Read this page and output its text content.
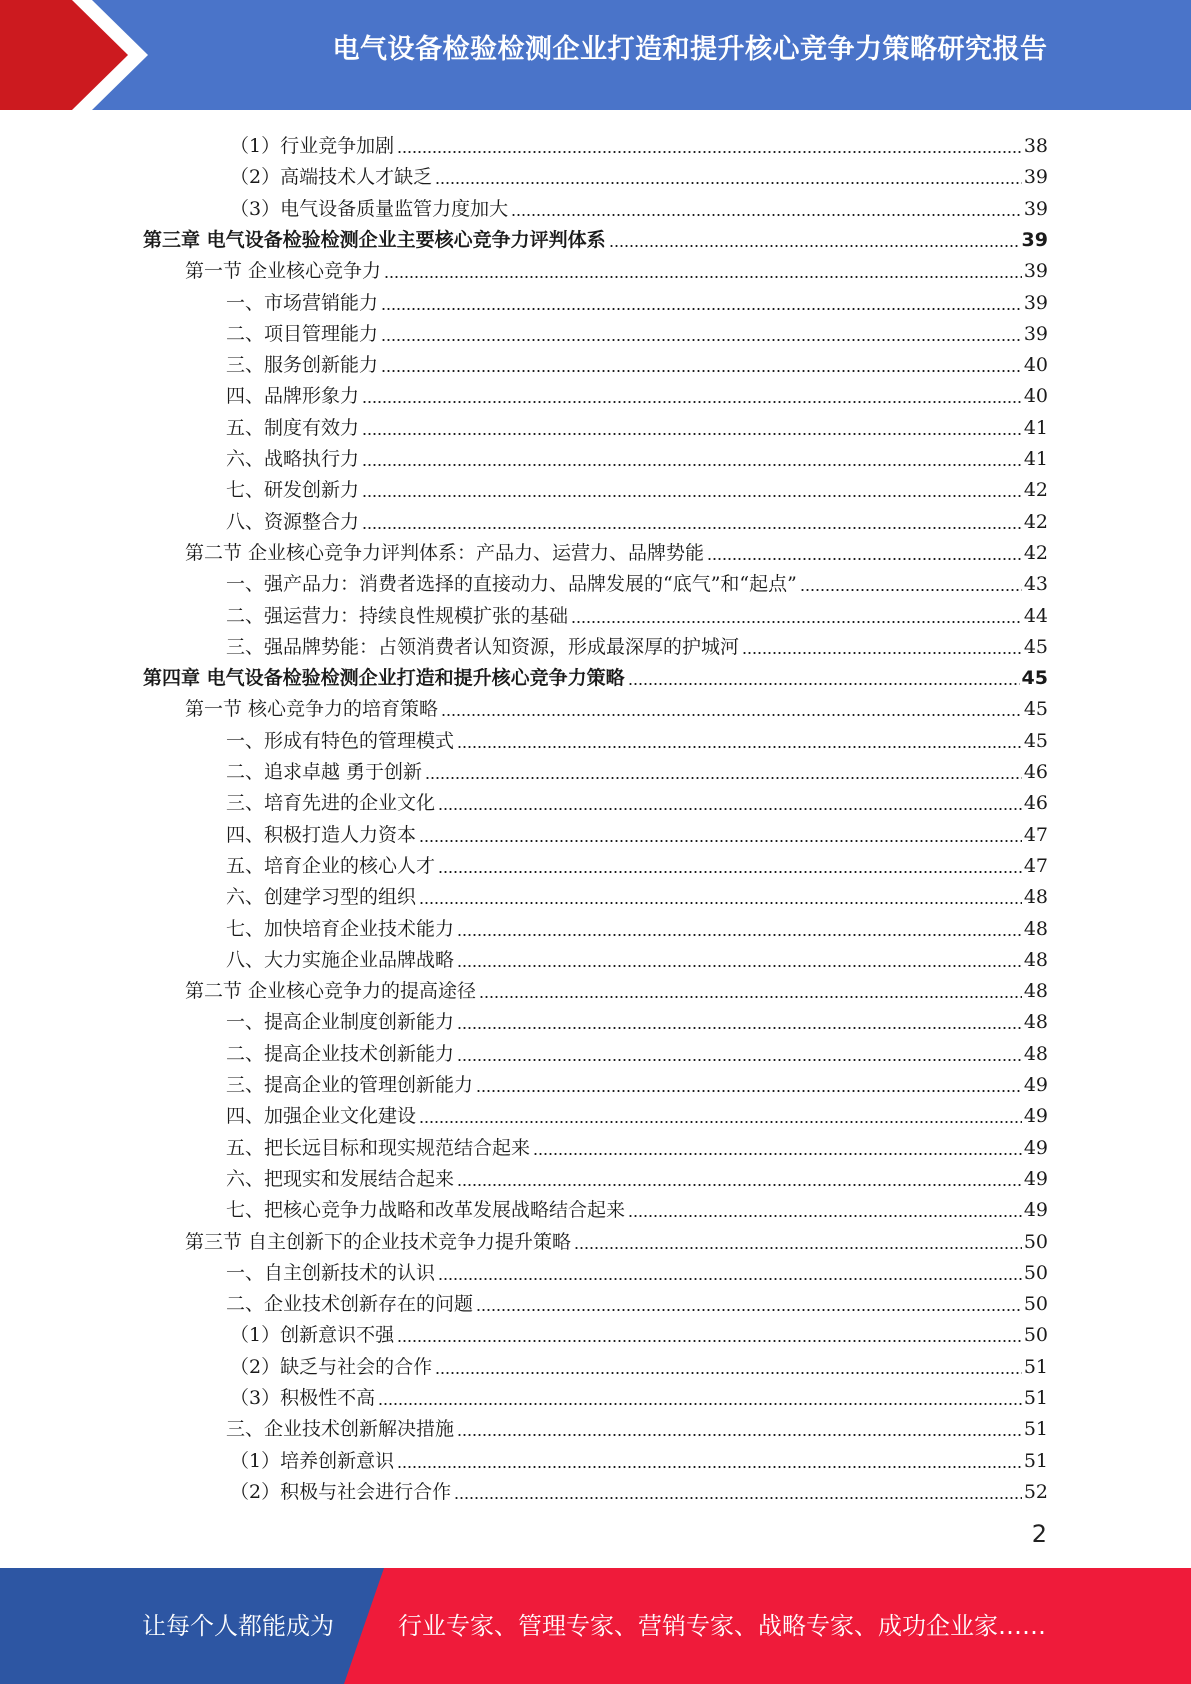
电气设备检验检测企业打造和提升核心竞争力策略研究报告
（1）行业竞争加剧	38
（2）高端技术人才缺乏	39
（3）电气设备质量监管力度加大	39
第三章 电气设备检验检测企业主要核心竞争力评判体系	39
第一节 企业核心竞争力	39
一、市场营销能力	39
二、项目管理能力	39
三、服务创新能力	40
四、品牌形象力	40
五、制度有效力	41
六、战略执行力	41
七、研发创新力	42
八、资源整合力	42
第二节 企业核心竞争力评判体系：产品力、运营力、品牌势能	42
一、强产品力：消费者选择的直接动力、品牌发展的“底气”和“起点”	43
二、强运营力：持续良性规模扩张的基础	44
三、强品牌势能：占领消费者认知资源，形成最深厚的护城河	45
第四章 电气设备检验检测企业打造和提升核心竞争力策略	45
第一节 核心竞争力的培育策略	45
一、形成有特色的管理模式	45
二、追求卓越 勇于创新	46
三、培育先进的企业文化	46
四、积极打造人力资本	47
五、培育企业的核心人才	47
六、创建学习型的组织	48
七、加快培育企业技术能力	48
八、大力实施企业品牌战略	48
第二节 企业核心竞争力的提高途径	48
一、提高企业制度创新能力	48
二、提高企业技术创新能力	48
三、提高企业的管理创新能力	49
四、加强企业文化建设	49
五、把长远目标和现实规范结合起来	49
六、把现实和发展结合起来	49
七、把核心竞争力战略和改革发展战略结合起来	49
第三节 自主创新下的企业技术竞争力提升策略	50
一、自主创新技术的认识	50
二、企业技术创新存在的问题	50
（1）创新意识不强	50
（2）缺乏与社会的合作	51
（3）积极性不高	51
三、企业技术创新解决措施	51
（1）培养创新意识	51
（2）积极与社会进行合作	52
2
让每个人都能成为	行业专家、管理专家、营销专家、战略专家、成功企业家……
